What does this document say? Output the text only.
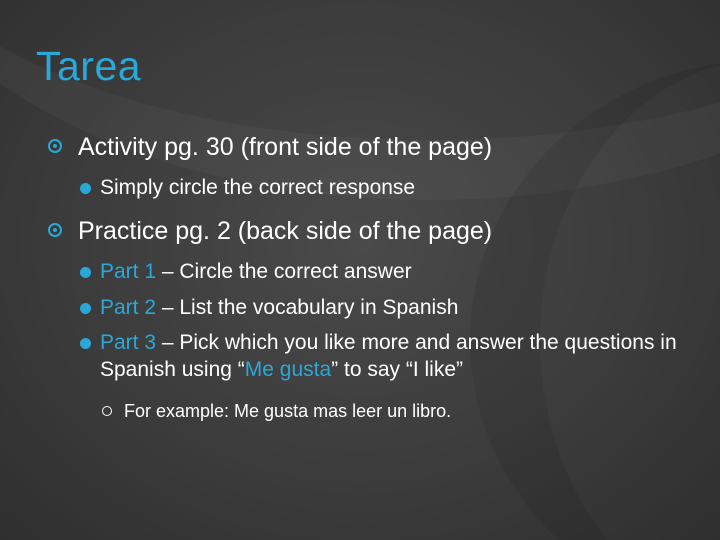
Tarea
Activity pg. 30 (front side of the page)
Simply circle the correct response
Practice pg. 2 (back side of the page)
Part 1 – Circle the correct answer
Part 2 – List the vocabulary in Spanish
Part 3 – Pick which you like more and answer the questions in Spanish using “Me gusta” to say “I like”
For example: Me gusta mas leer un libro.
